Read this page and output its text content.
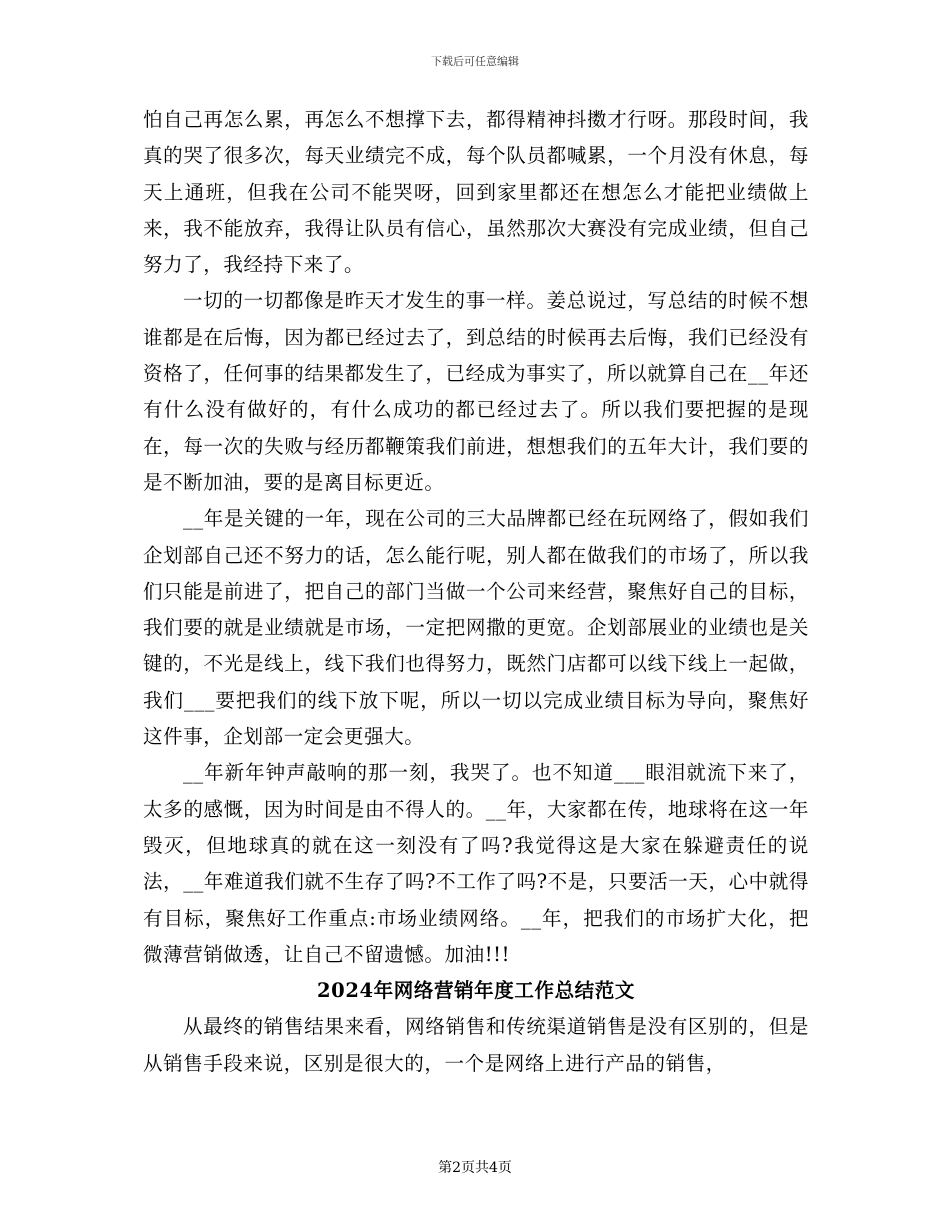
下载后可任意编辑

怕自己再怎么累，再怎么不想撑下去，都得精神抖擞才行呀。那段时间，我真的哭了很多次，每天业绩完不成，每个队员都喊累，一个月没有休息，每天上通班，但我在公司不能哭呀，回到家里都还在想怎么才能把业绩做上来，我不能放弃，我得让队员有信心，虽然那次大赛没有完成业绩，但自己努力了，我经持下来了。

一切的一切都像是昨天才发生的事一样。姜总说过，写总结的时候不想谁都是在后悔，因为都已经过去了，到总结的时候再去后悔，我们已经没有资格了，任何事的结果都发生了，已经成为事实了，所以就算自己在__年还有什么没有做好的，有什么成功的都已经过去了。所以我们要把握的是现在，每一次的失败与经历都鞭策我们前进，想想我们的五年大计，我们要的是不断加油，要的是离目标更近。

__年是关键的一年，现在公司的三大品牌都已经在玩网络了，假如我们企划部自己还不努力的话，怎么能行呢，别人都在做我们的市场了，所以我们只能是前进了，把自己的部门当做一个公司来经营，聚焦好自己的目标，我们要的就是业绩就是市场，一定把网撒的更宽。企划部展业的业绩也是关键的，不光是线上，线下我们也得努力，既然门店都可以线下线上一起做，我们___要把我们的线下放下呢，所以一切以完成业绩目标为导向，聚焦好这件事，企划部一定会更强大。

__年新年钟声敲响的那一刻，我哭了。也不知道___眼泪就流下来了，太多的感慨，因为时间是由不得人的。__年，大家都在传，地球将在这一年毁灭，但地球真的就在这一刻没有了吗?我觉得这是大家在躲避责任的说法，__年难道我们就不生存了吗?不工作了吗?不是，只要活一天，心中就得有目标，聚焦好工作重点:市场业绩网络。__年，把我们的市场扩大化，把微薄营销做透，让自己不留遗憾。加油!!!

2024年网络营销年度工作总结范文

从最终的销售结果来看，网络销售和传统渠道销售是没有区别的，但是从销售手段来说，区别是很大的，一个是网络上进行产品的销售，

第2页共4页
